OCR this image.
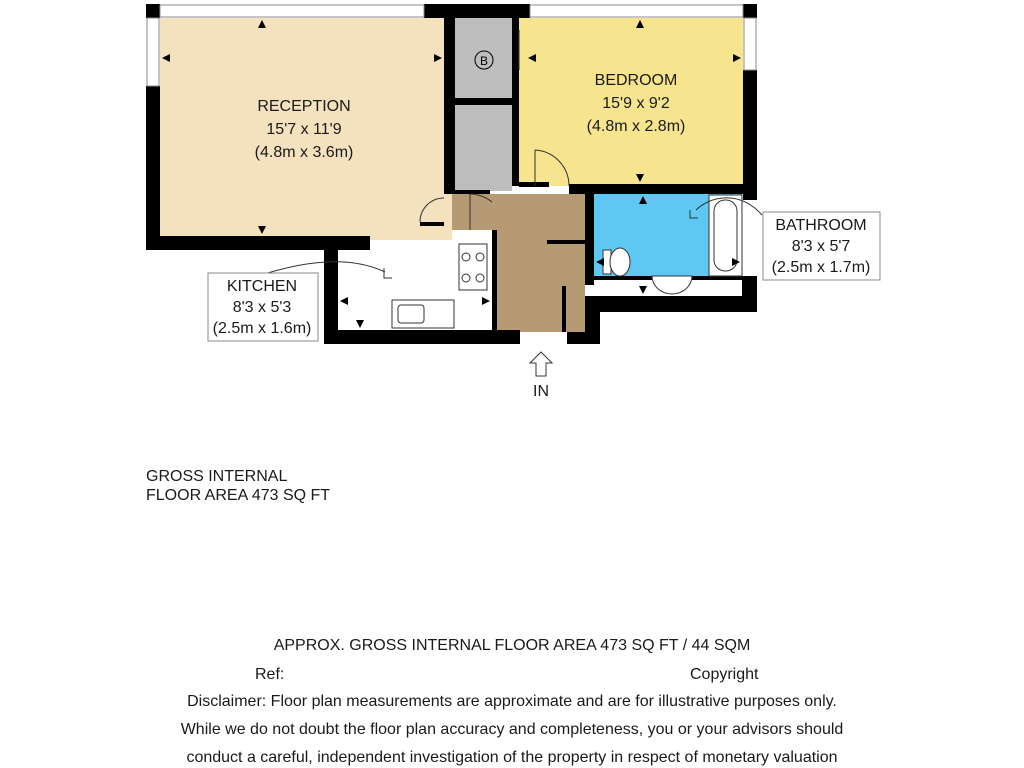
B
IN
RECEPTION
15'7 x 11'9
(4.8m x 3.6m)
BEDROOM
15'9 x 9'2
(4.8m x 2.8m)
KITCHEN
8'3 x 5'3
(2.5m x 1.6m)
BATHROOM
8'3 x 5'7
(2.5m x 1.7m)
GROSS INTERNAL
FLOOR AREA 473 SQ FT
APPROX. GROSS INTERNAL FLOOR AREA 473 SQ FT / 44 SQM
Ref:	Copyright
Disclaimer: Floor plan measurements are approximate and are for illustrative purposes only.
While we do not doubt the floor plan accuracy and completeness, you or your advisors should
conduct a careful, independent investigation of the property in respect of monetary valuation
